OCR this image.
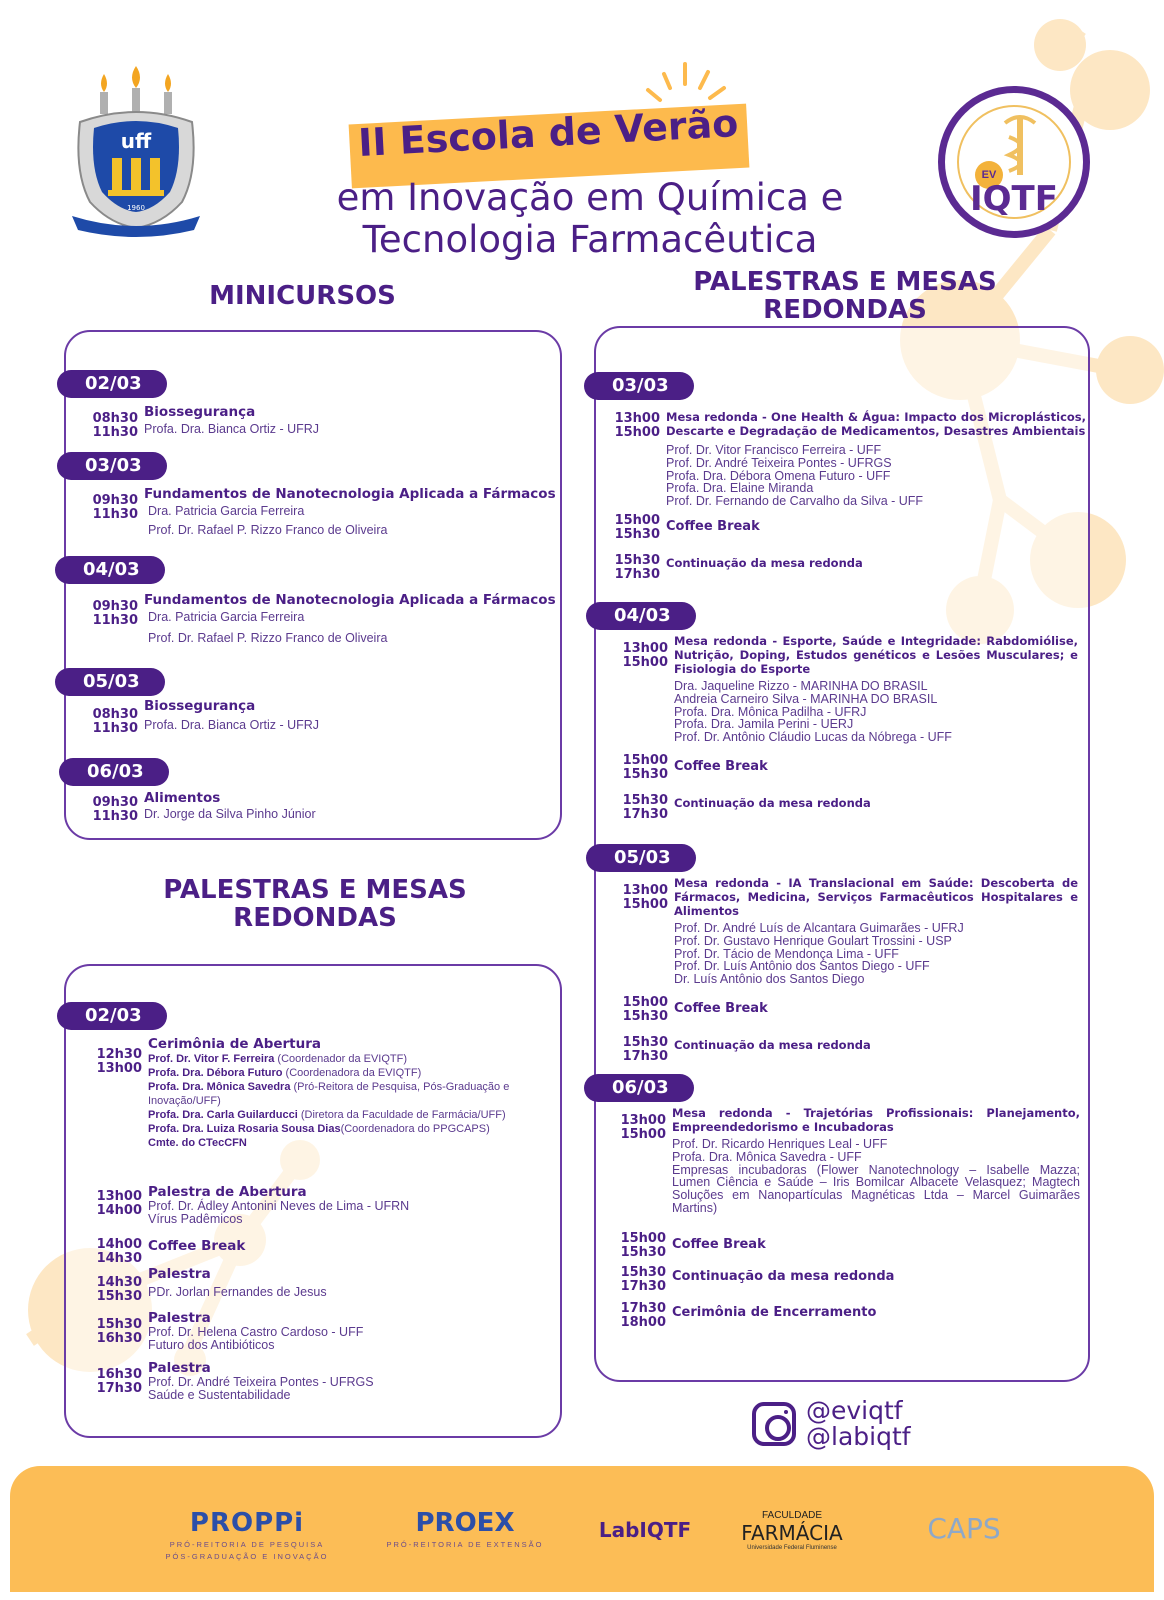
uff
1960
II Escola de Verão
em Inovação em Química e
Tecnologia Farmacêutica
EV
IQTF
MINICURSOS
02/03
08h30
11h30
Biossegurança
Profa. Dra. Bianca Ortiz - UFRJ
03/03
09h30
11h30
Fundamentos de Nanotecnologia Aplicada a Fármacos
Dra. Patricia Garcia Ferreira
Prof. Dr. Rafael P. Rizzo Franco de Oliveira
04/03
09h30
11h30
Fundamentos de Nanotecnologia Aplicada a Fármacos
Dra. Patricia Garcia Ferreira
Prof. Dr. Rafael P. Rizzo Franco de Oliveira
05/03
08h30
11h30
Biossegurança
Profa. Dra. Bianca Ortiz - UFRJ
06/03
09h30
11h30
Alimentos
Dr. Jorge da Silva Pinho Júnior
PALESTRAS E MESAS
REDONDAS
02/03
12h30
13h00
Cerimônia de Abertura
Prof. Dr. Vitor F. Ferreira (Coordenador da EVIQTF)
Profa. Dra. Débora Futuro (Coordenadora da EVIQTF)
Profa. Dra. Mônica Savedra (Pró-Reitora de Pesquisa, Pós-Graduação e Inovação/UFF)
Profa. Dra. Carla Guilarducci (Diretora da Faculdade de Farmácia/UFF)
Profa. Dra. Luiza Rosaria Sousa Dias(Coordenadora do PPGCAPS)
Cmte. do CTecCFN
13h00
14h00
Palestra de Abertura
Prof. Dr. Ádley Antonini Neves de Lima - UFRN
Vírus Padêmicos
14h00
14h30
Coffee Break
14h30
15h30
Palestra
PDr. Jorlan Fernandes de Jesus
15h30
16h30
Palestra
Prof. Dr. Helena Castro Cardoso - UFF
Futuro dos Antibióticos
16h30
17h30
Palestra
Prof. Dr. André Teixeira Pontes - UFRGS
Saúde e Sustentabilidade
PALESTRAS E MESAS
REDONDAS
03/03
13h00
15h00
Mesa redonda - One Health & Água: Impacto dos Microplásticos, Descarte e Degradação de Medicamentos, Desastres Ambientais
Prof. Dr. Vitor Francisco Ferreira - UFF
Prof. Dr. André Teixeira Pontes - UFRGS
Profa. Dra. Débora Omena Futuro - UFF
Profa. Dra. Elaine Miranda
Prof. Dr. Fernando de Carvalho da Silva - UFF
15h00
15h30
Coffee Break
15h30
17h30
Continuação da mesa redonda
04/03
13h00
15h00
Mesa redonda - Esporte, Saúde e Integridade: Rabdomiólise, Nutrição, Doping, Estudos genéticos e Lesões Musculares; e Fisiologia do Esporte
Dra. Jaqueline Rizzo - MARINHA DO BRASIL
Andreia Carneiro Silva - MARINHA DO BRASIL
Profa. Dra. Mônica Padilha - UFRJ
Profa. Dra. Jamila Perini - UERJ
Prof. Dr. Antônio Cláudio Lucas da Nóbrega - UFF
15h00
15h30
Coffee Break
15h30
17h30
Continuação da mesa redonda
05/03
13h00
15h00
Mesa redonda - IA Translacional em Saúde: Descoberta de Fármacos, Medicina, Serviços Farmacêuticos Hospitalares e Alimentos
Prof. Dr. André Luís de Alcantara Guimarães - UFRJ
Prof. Dr. Gustavo Henrique Goulart Trossini - USP
Prof. Dr. Tácio de Mendonça Lima - UFF
Prof. Dr. Luís Antônio dos Santos Diego - UFF
Dr. Luís Antônio dos Santos Diego
15h00
15h30
Coffee Break
15h30
17h30
Continuação da mesa redonda
06/03
13h00
15h00
Mesa redonda - Trajetórias Profissionais: Planejamento, Empreendedorismo e Incubadoras
Prof. Dr. Ricardo Henriques Leal - UFF
Profa. Dra. Mônica Savedra - UFF
Empresas incubadoras (Flower Nanotechnology – Isabelle Mazza; Lumen Ciência e Saúde – Iris Bomilcar Albacete Velasquez; Magtech Soluções em Nanopartículas Magnéticas Ltda – Marcel Guimarães Martins)
15h00
15h30
Coffee Break
15h30
17h30
Continuação da mesa redonda
17h30
18h00
Cerimônia de Encerramento
@eviqtf
@labiqtf
PROPPi
PRÓ-REITORIA DE PESQUISA
PÓS-GRADUAÇÃO E INOVAÇÃO
PROEX
PRÓ-REITORIA DE EXTENSÃO
LabIQTF
FACULDADE
FARMÁCIA
Universidade Federal Fluminense
CAPS
